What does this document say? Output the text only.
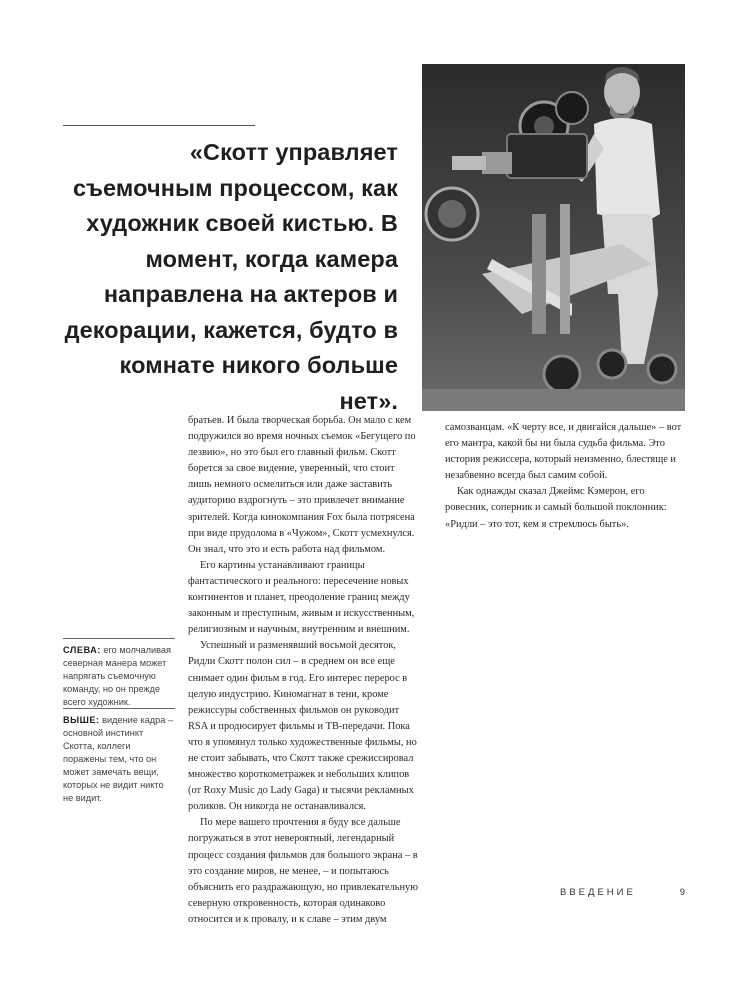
«Скотт управляет съемочным процессом, как художник своей кистью. В момент, когда камера направлена на актеров и декорации, кажется, будто в комнате никого больше нет».

братьев. И была творческая борьба. Он мало с кем подружился во время ночных съемок «Бегущего по лезвию», но это был его главный фильм. Скотт борется за свое видение, уверенный, что стоит лишь немного осмелиться или даже заставить аудиторию вздрогнуть – это привлечет внимание зрителей. Когда кинокомпания Fox была потрясена при виде прудолома в «Чужом», Скотт усмехнулся. Он знал, что это и есть работа над фильмом.

Его картины устанавливают границы фантастического и реального: пересечение новых континентов и планет, преодоление границ между законным и преступным, живым и искусственным, религиозным и научным, внутренним и внешним.

Успешный и разменявший восьмой десяток, Ридли Скотт полон сил – в среднем он все еще снимает один фильм в год. Его интерес перерос в целую индустрию. Киномагнат в тени, кроме режиссуры собственных фильмов он руководит RSA и продюсирует фильмы и ТВ-передачи. Пока что я упомянул только художественные фильмы, но не стоит забывать, что Скотт также срежиссировал множество короткометражек и небольших клипов (от Roxy Music до Lady Gaga) и тысячи рекламных роликов. Он никогда не останавливался.

По мере вашего прочтения я буду все дальше погружаться в этот невероятный, легендарный процесс создания фильмов для большого экрана – в это создание миров, не менее, – и попытаюсь объяснить его раздражающую, но привлекательную северную откровенность, которая одинаково относится и к провалу, и к славе – этим двум

самозванцам. «К черту все, и двигайся дальше» – вот его мантра, какой бы ни была судьба фильма. Это история режиссера, который неизменно, блестяще и незабвенно всегда был самим собой.

Как однажды сказал Джеймс Кэмерон, его ровесник, соперник и самый большой поклонник: «Ридли – это тот, кем я стремлюсь быть».

СЛЕВА: его молчаливая северная манера может напрягать съемочную команду, но он прежде всего художник.
ВЫШЕ: видение кадра – основной инстинкт Скотта, коллеги поражены тем, что он может замечать вещи, которых не видит никто не видит.
ВВЕДЕНИЕ	9
